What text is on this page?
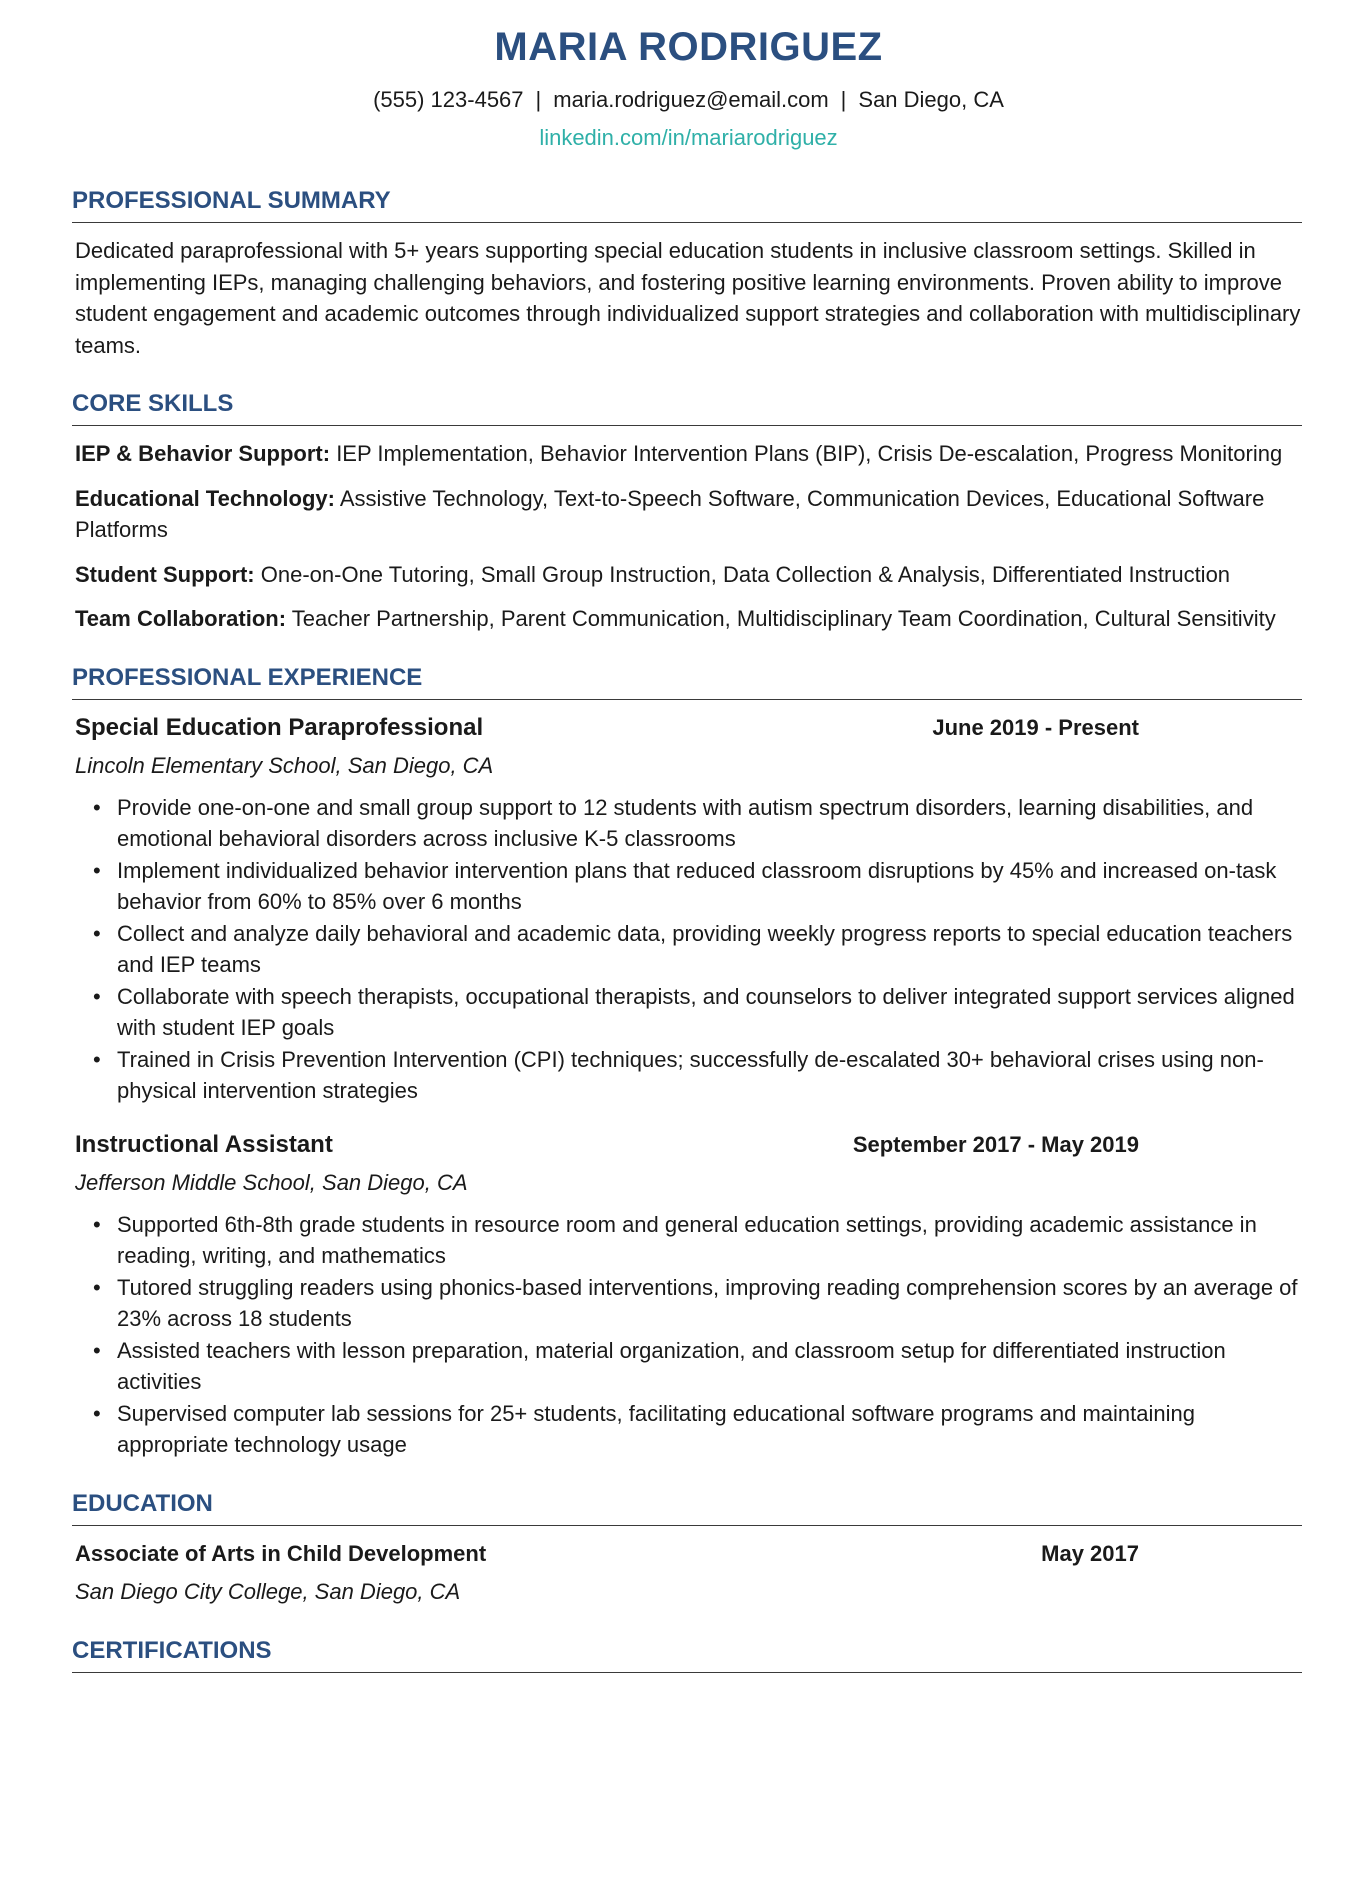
MARIA RODRIGUEZ
(555) 123-4567 | maria.rodriguez@email.com | San Diego, CA
linkedin.com/in/mariarodriguez
PROFESSIONAL SUMMARY

Dedicated paraprofessional with 5+ years supporting special education students in inclusive classroom settings. Skilled in implementing IEPs, managing challenging behaviors, and fostering positive learning environments. Proven ability to improve student engagement and academic outcomes through individualized support strategies and collaboration with multidisciplinary teams.

CORE SKILLS

IEP & Behavior Support: IEP Implementation, Behavior Intervention Plans (BIP), Crisis De-escalation, Progress Monitoring

Educational Technology: Assistive Technology, Text-to-Speech Software, Communication Devices, Educational Software Platforms

Student Support: One-on-One Tutoring, Small Group Instruction, Data Collection & Analysis, Differentiated Instruction

Team Collaboration: Teacher Partnership, Parent Communication, Multidisciplinary Team Coordination, Cultural Sensitivity

PROFESSIONAL EXPERIENCE
Special Education Paraprofessional	June 2019 - Present
Lincoln Elementary School, San Diego, CA
• Provide one-on-one and small group support to 12 students with autism spectrum disorders, learning disabilities, and emotional behavioral disorders across inclusive K-5 classrooms
• Implement individualized behavior intervention plans that reduced classroom disruptions by 45% and increased on-task behavior from 60% to 85% over 6 months
• Collect and analyze daily behavioral and academic data, providing weekly progress reports to special education teachers and IEP teams
• Collaborate with speech therapists, occupational therapists, and counselors to deliver integrated support services aligned with student IEP goals
• Trained in Crisis Prevention Intervention (CPI) techniques; successfully de-escalated 30+ behavioral crises using non-physical intervention strategies
Instructional Assistant	September 2017 - May 2019
Jefferson Middle School, San Diego, CA
• Supported 6th-8th grade students in resource room and general education settings, providing academic assistance in reading, writing, and mathematics
• Tutored struggling readers using phonics-based interventions, improving reading comprehension scores by an average of 23% across 18 students
• Assisted teachers with lesson preparation, material organization, and classroom setup for differentiated instruction activities
• Supervised computer lab sessions for 25+ students, facilitating educational software programs and maintaining appropriate technology usage
EDUCATION
Associate of Arts in Child Development	May 2017
San Diego City College, San Diego, CA
CERTIFICATIONS
